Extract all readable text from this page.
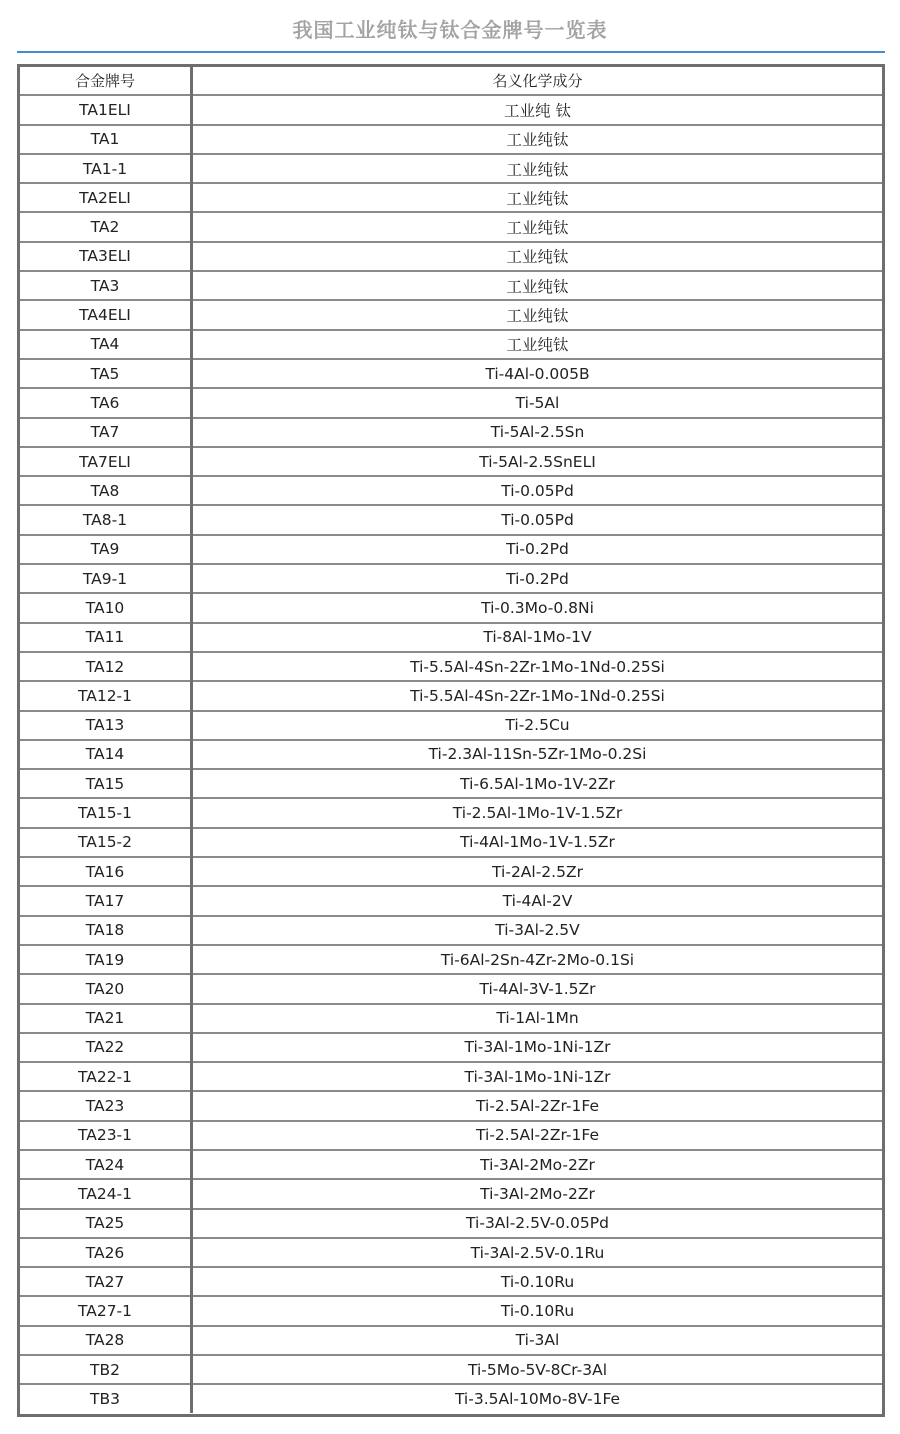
我国工业纯钛与钛合金牌号一览表
合金牌号	名义化学成分
TA1ELI	工业纯 钛
TA1	工业纯钛
TA1-1	工业纯钛
TA2ELI	工业纯钛
TA2	工业纯钛
TA3ELI	工业纯钛
TA3	工业纯钛
TA4ELI	工业纯钛
TA4	工业纯钛
TA5	Ti-4Al-0.005B
TA6	Ti-5Al
TA7	Ti-5Al-2.5Sn
TA7ELI	Ti-5Al-2.5SnELI
TA8	Ti-0.05Pd
TA8-1	Ti-0.05Pd
TA9	Ti-0.2Pd
TA9-1	Ti-0.2Pd
TA10	Ti-0.3Mo-0.8Ni
TA11	Ti-8Al-1Mo-1V
TA12	Ti-5.5Al-4Sn-2Zr-1Mo-1Nd-0.25Si
TA12-1	Ti-5.5Al-4Sn-2Zr-1Mo-1Nd-0.25Si
TA13	Ti-2.5Cu
TA14	Ti-2.3Al-11Sn-5Zr-1Mo-0.2Si
TA15	Ti-6.5Al-1Mo-1V-2Zr
TA15-1	Ti-2.5Al-1Mo-1V-1.5Zr
TA15-2	Ti-4Al-1Mo-1V-1.5Zr
TA16	Ti-2Al-2.5Zr
TA17	Ti-4Al-2V
TA18	Ti-3Al-2.5V
TA19	Ti-6Al-2Sn-4Zr-2Mo-0.1Si
TA20	Ti-4Al-3V-1.5Zr
TA21	Ti-1Al-1Mn
TA22	Ti-3Al-1Mo-1Ni-1Zr
TA22-1	Ti-3Al-1Mo-1Ni-1Zr
TA23	Ti-2.5Al-2Zr-1Fe
TA23-1	Ti-2.5Al-2Zr-1Fe
TA24	Ti-3Al-2Mo-2Zr
TA24-1	Ti-3Al-2Mo-2Zr
TA25	Ti-3Al-2.5V-0.05Pd
TA26	Ti-3Al-2.5V-0.1Ru
TA27	Ti-0.10Ru
TA27-1	Ti-0.10Ru
TA28	Ti-3Al
TB2	Ti-5Mo-5V-8Cr-3Al
TB3	Ti-3.5Al-10Mo-8V-1Fe
